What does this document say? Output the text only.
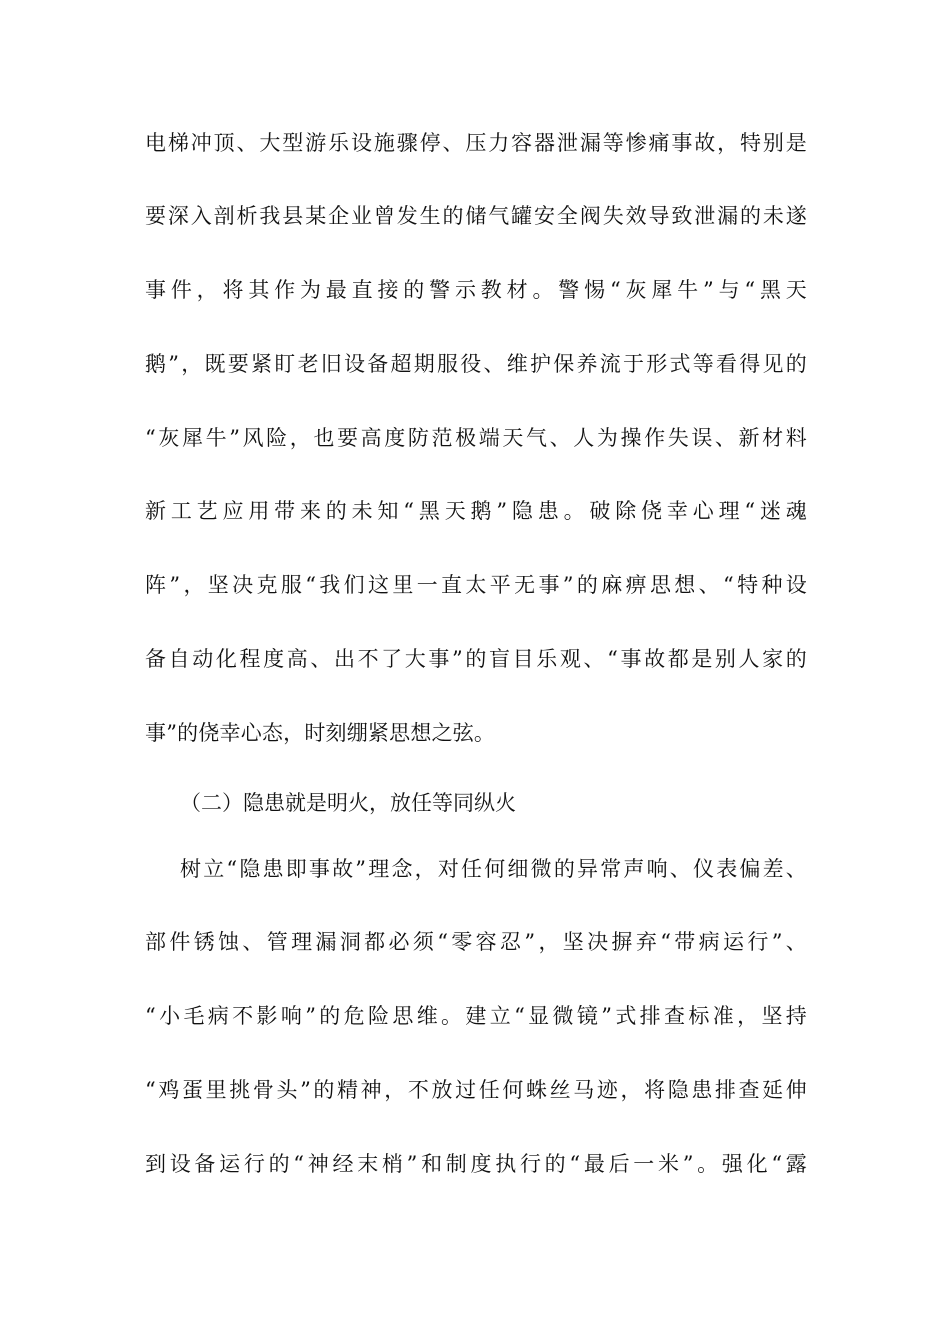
电梯冲顶、大型游乐设施骤停、压力容器泄漏等惨痛事故，特别是
要深入剖析我县某企业曾发生的储气罐安全阀失效导致泄漏的未遂
事件，将其作为最直接的警示教材。警惕“灰犀牛”与“黑天
鹅”，既要紧盯老旧设备超期服役、维护保养流于形式等看得见的
“灰犀牛”风险，也要高度防范极端天气、人为操作失误、新材料
新工艺应用带来的未知“黑天鹅”隐患。破除侥幸心理“迷魂
阵”，坚决克服“我们这里一直太平无事”的麻痹思想、“特种设
备自动化程度高、出不了大事”的盲目乐观、“事故都是别人家的
事”的侥幸心态，时刻绷紧思想之弦。
（二）隐患就是明火，放任等同纵火
树立“隐患即事故”理念，对任何细微的异常声响、仪表偏差、
部件锈蚀、管理漏洞都必须“零容忍”，坚决摒弃“带病运行”、
“小毛病不影响”的危险思维。建立“显微镜”式排查标准，坚持
“鸡蛋里挑骨头”的精神，不放过任何蛛丝马迹，将隐患排查延伸
到设备运行的“神经末梢”和制度执行的“最后一米”。强化“露
